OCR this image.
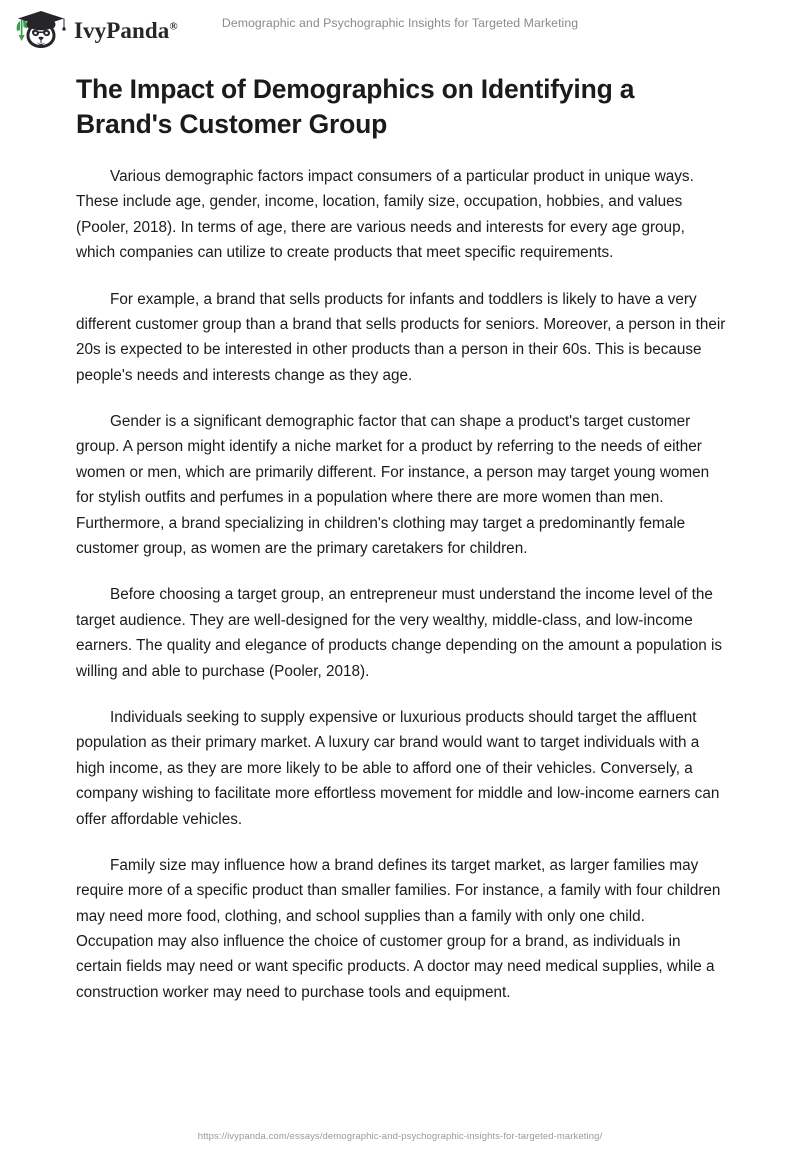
IvyPanda®	Demographic and Psychographic Insights for Targeted Marketing
The Impact of Demographics on Identifying a Brand's Customer Group

Various demographic factors impact consumers of a particular product in unique ways. These include age, gender, income, location, family size, occupation, hobbies, and values (Pooler, 2018). In terms of age, there are various needs and interests for every age group, which companies can utilize to create products that meet specific requirements.

For example, a brand that sells products for infants and toddlers is likely to have a very different customer group than a brand that sells products for seniors. Moreover, a person in their 20s is expected to be interested in other products than a person in their 60s. This is because people's needs and interests change as they age.

Gender is a significant demographic factor that can shape a product's target customer group. A person might identify a niche market for a product by referring to the needs of either women or men, which are primarily different. For instance, a person may target young women for stylish outfits and perfumes in a population where there are more women than men. Furthermore, a brand specializing in children's clothing may target a predominantly female customer group, as women are the primary caretakers for children.

Before choosing a target group, an entrepreneur must understand the income level of the target audience. They are well-designed for the very wealthy, middle-class, and low-income earners. The quality and elegance of products change depending on the amount a population is willing and able to purchase (Pooler, 2018).

Individuals seeking to supply expensive or luxurious products should target the affluent population as their primary market. A luxury car brand would want to target individuals with a high income, as they are more likely to be able to afford one of their vehicles. Conversely, a company wishing to facilitate more effortless movement for middle and low-income earners can offer affordable vehicles.

Family size may influence how a brand defines its target market, as larger families may require more of a specific product than smaller families. For instance, a family with four children may need more food, clothing, and school supplies than a family with only one child. Occupation may also influence the choice of customer group for a brand, as individuals in certain fields may need or want specific products. A doctor may need medical supplies, while a construction worker may need to purchase tools and equipment.

https://ivypanda.com/essays/demographic-and-psychographic-insights-for-targeted-marketing/
